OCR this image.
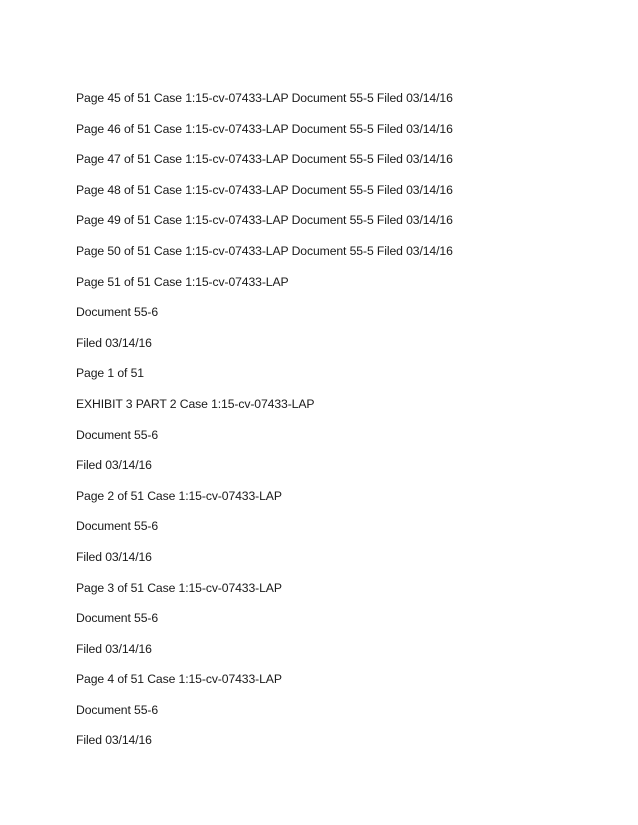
Page 45 of 51 Case 1:15-cv-07433-LAP Document 55-5 Filed 03/14/16
Page 46 of 51 Case 1:15-cv-07433-LAP Document 55-5 Filed 03/14/16
Page 47 of 51 Case 1:15-cv-07433-LAP Document 55-5 Filed 03/14/16
Page 48 of 51 Case 1:15-cv-07433-LAP Document 55-5 Filed 03/14/16
Page 49 of 51 Case 1:15-cv-07433-LAP Document 55-5 Filed 03/14/16
Page 50 of 51 Case 1:15-cv-07433-LAP Document 55-5 Filed 03/14/16
Page 51 of 51 Case 1:15-cv-07433-LAP
Document 55-6
Filed 03/14/16
Page 1 of 51
EXHIBIT 3 PART 2 Case 1:15-cv-07433-LAP
Document 55-6
Filed 03/14/16
Page 2 of 51 Case 1:15-cv-07433-LAP
Document 55-6
Filed 03/14/16
Page 3 of 51 Case 1:15-cv-07433-LAP
Document 55-6
Filed 03/14/16
Page 4 of 51 Case 1:15-cv-07433-LAP
Document 55-6
Filed 03/14/16
